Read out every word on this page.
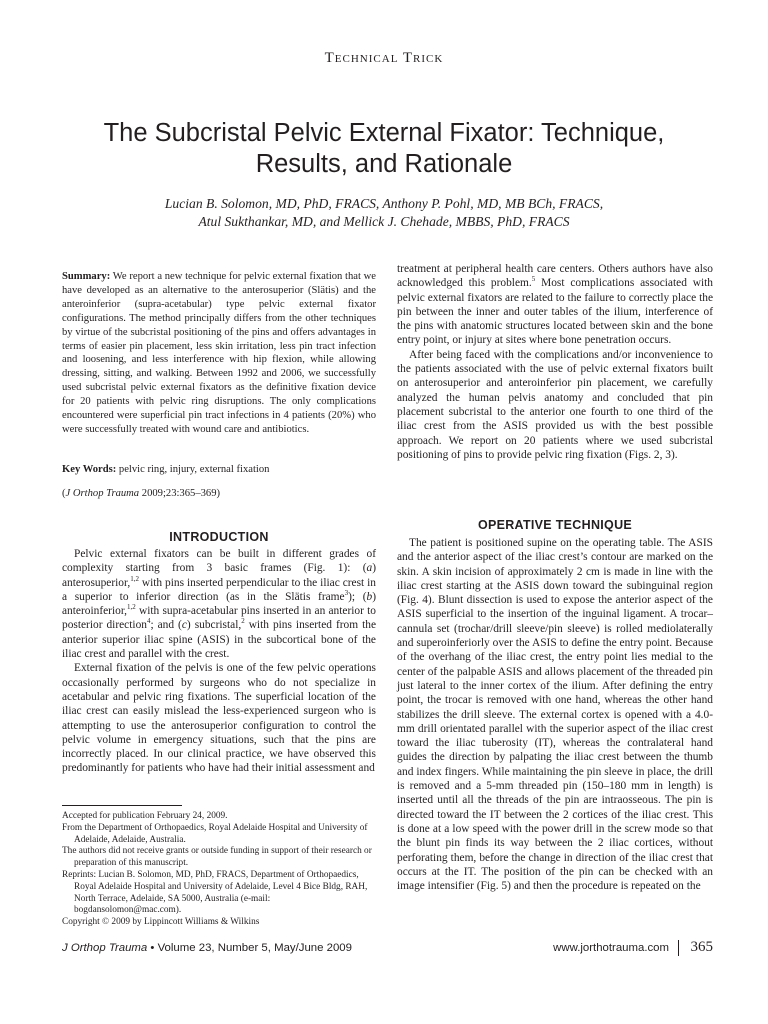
Technical Trick
The Subcristal Pelvic External Fixator: Technique, Results, and Rationale
Lucian B. Solomon, MD, PhD, FRACS, Anthony P. Pohl, MD, MB BCh, FRACS,
Atul Sukthankar, MD, and Mellick J. Chehade, MBBS, PhD, FRACS

Summary: We report a new technique for pelvic external fixation that we have developed as an alternative to the anterosuperior (Slätis) and the anteroinferior (supra-acetabular) type pelvic external fixator configurations. The method principally differs from the other techniques by virtue of the subcristal positioning of the pins and offers advantages in terms of easier pin placement, less skin irritation, less pin tract infection and loosening, and less interference with hip flexion, while allowing dressing, sitting, and walking. Between 1992 and 2006, we successfully used subcristal pelvic external fixators as the definitive fixation device for 20 patients with pelvic ring disruptions. The only complications encountered were superficial pin tract infections in 4 patients (20%) who were successfully treated with wound care and antibiotics.

Key Words: pelvic ring, injury, external fixation

(J Orthop Trauma 2009;23:365–369)

INTRODUCTION

Pelvic external fixators can be built in different grades of complexity starting from 3 basic frames (Fig. 1): (a) anterosuperior,$^{1,2}$ with pins inserted perpendicular to the iliac crest in a superior to inferior direction (as in the Slätis frame$^3$); (b) anteroinferior,$^{1,2}$ with supra-acetabular pins inserted in an anterior to posterior direction$^4$; and (c) subcristal,$^2$ with pins inserted from the anterior superior iliac spine (ASIS) in the subcortical bone of the iliac crest and parallel with the crest.

External fixation of the pelvis is one of the few pelvic operations occasionally performed by surgeons who do not specialize in acetabular and pelvic ring fixations. The superficial location of the iliac crest can easily mislead the less-experienced surgeon who is attempting to use the anterosuperior configuration to control the pelvic volume in emergency situations, such that the pins are incorrectly placed. In our clinical practice, we have observed this predominantly for patients who have had their initial assessment and

Accepted for publication February 24, 2009.

From the Department of Orthopaedics, Royal Adelaide Hospital and University of Adelaide, Adelaide, Australia.

The authors did not receive grants or outside funding in support of their research or preparation of this manuscript.

Reprints: Lucian B. Solomon, MD, PhD, FRACS, Department of Orthopaedics, Royal Adelaide Hospital and University of Adelaide, Level 4 Bice Bldg, RAH, North Terrace, Adelaide, SA 5000, Australia (e-mail: bogdansolomon@mac.com).

Copyright © 2009 by Lippincott Williams & Wilkins

treatment at peripheral health care centers. Others authors have also acknowledged this problem.$^5$ Most complications associated with pelvic external fixators are related to the failure to correctly place the pin between the inner and outer tables of the ilium, interference of the pins with anatomic structures located between skin and the bone entry point, or injury at sites where bone penetration occurs.

After being faced with the complications and/or inconvenience to the patients associated with the use of pelvic external fixators built on anterosuperior and anteroinferior pin placement, we carefully analyzed the human pelvis anatomy and concluded that pin placement subcristal to the anterior one fourth to one third of the iliac crest from the ASIS provided us with the best possible approach. We report on 20 patients where we used subcristal positioning of pins to provide pelvic ring fixation (Figs. 2, 3).

OPERATIVE TECHNIQUE

The patient is positioned supine on the operating table. The ASIS and the anterior aspect of the iliac crest’s contour are marked on the skin. A skin incision of approximately 2 cm is made in line with the iliac crest starting at the ASIS down toward the subinguinal region (Fig. 4). Blunt dissection is used to expose the anterior aspect of the ASIS superficial to the insertion of the inguinal ligament. A trocar–cannula set (trochar/drill sleeve/pin sleeve) is rolled mediolaterally and superoinferiorly over the ASIS to define the entry point. Because of the overhang of the iliac crest, the entry point lies medial to the center of the palpable ASIS and allows placement of the threaded pin just lateral to the inner cortex of the ilium. After defining the entry point, the trocar is removed with one hand, whereas the other hand stabilizes the drill sleeve. The external cortex is opened with a 4.0-mm drill orientated parallel with the superior aspect of the iliac crest toward the iliac tuberosity (IT), whereas the contralateral hand guides the direction by palpating the iliac crest between the thumb and index fingers. While maintaining the pin sleeve in place, the drill is removed and a 5-mm threaded pin (150–180 mm in length) is inserted until all the threads of the pin are intraosseous. The pin is directed toward the IT between the 2 cortices of the iliac crest. This is done at a low speed with the power drill in the screw mode so that the blunt pin finds its way between the 2 iliac cortices, without perforating them, before the change in direction of the iliac crest that occurs at the IT. The position of the pin can be checked with an image intensifier (Fig. 5) and then the procedure is repeated on the

J Orthop Trauma • Volume 23, Number 5, May/June 2009	www.jorthotrauma.com 365
